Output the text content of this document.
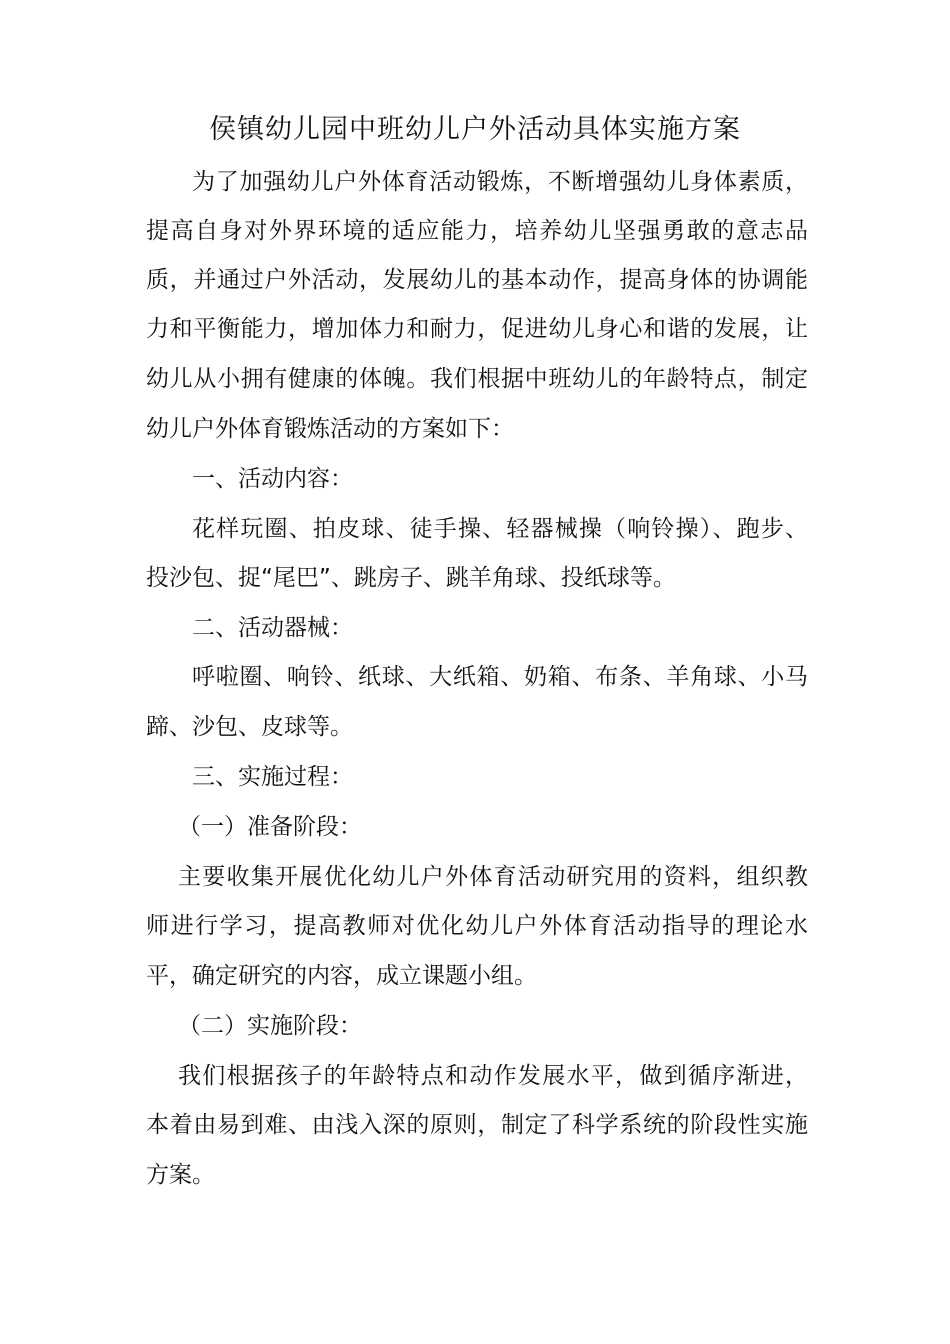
侯镇幼儿园中班幼儿户外活动具体实施方案
为了加强幼儿户外体育活动锻炼，不断增强幼儿身体素质，
提高自身对外界环境的适应能力，培养幼儿坚强勇敢的意志品
质，并通过户外活动，发展幼儿的基本动作，提高身体的协调能
力和平衡能力，增加体力和耐力，促进幼儿身心和谐的发展，让
幼儿从小拥有健康的体魄。我们根据中班幼儿的年龄特点，制定
幼儿户外体育锻炼活动的方案如下：
一、活动内容：
花样玩圈、拍皮球、徒手操、轻器械操（响铃操）、跑步、
投沙包、捉“尾巴”、跳房子、跳羊角球、投纸球等。
二、活动器械：
呼啦圈、响铃、纸球、大纸箱、奶箱、布条、羊角球、小马
蹄、沙包、皮球等。
三、实施过程：
（一）准备阶段：
主要收集开展优化幼儿户外体育活动研究用的资料，组织教
师进行学习，提高教师对优化幼儿户外体育活动指导的理论水
平，确定研究的内容，成立课题小组。
（二）实施阶段：
我们根据孩子的年龄特点和动作发展水平，做到循序渐进，
本着由易到难、由浅入深的原则，制定了科学系统的阶段性实施
方案。
